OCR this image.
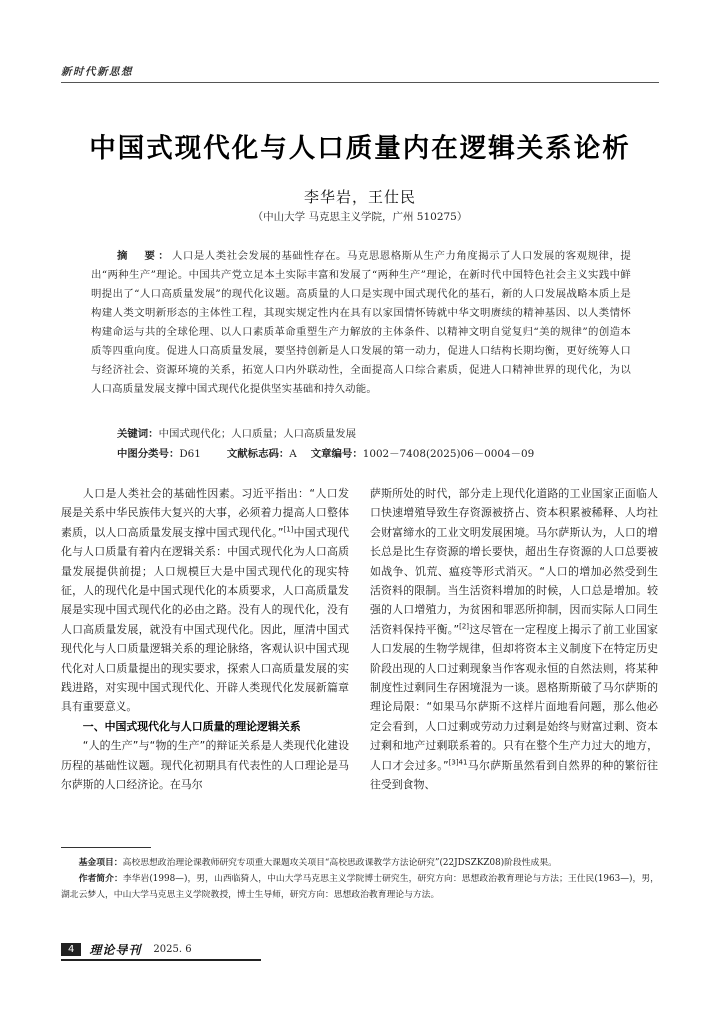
新时代新思想
中国式现代化与人口质量内在逻辑关系论析
李华岩，王仕民
（中山大学 马克思主义学院，广州 510275）
摘　要：人口是人类社会发展的基础性存在。马克思恩格斯从生产力角度揭示了人口发展的客观规律，提出“两种生产”理论。中国共产党立足本土实际丰富和发展了“两种生产”理论，在新时代中国特色社会主义实践中鲜明提出了“人口高质量发展”的现代化议题。高质量的人口是实现中国式现代化的基石，新的人口发展战略本质上是构建人类文明新形态的主体性工程，其现实规定性内在具有以家国情怀铸就中华文明赓续的精神基因、以人类情怀构建命运与共的全球伦理、以人口素质革命重塑生产力解放的主体条件、以精神文明自觉复归“美的规律”的创造本质等四重向度。促进人口高质量发展，要坚持创新是人口发展的第一动力，促进人口结构长期均衡，更好统筹人口与经济社会、资源环境的关系，拓宽人口内外联动性，全面提高人口综合素质，促进人口精神世界的现代化，为以人口高质量发展支撑中国式现代化提供坚实基础和持久动能。
关键词：中国式现代化；人口质量；人口高质量发展
中图分类号：D61	文献标志码：A 文章编号：1002－7408(2025)06－0004－09

人口是人类社会的基础性因素。习近平指出：“人口发展是关系中华民族伟大复兴的大事，必须着力提高人口整体素质，以人口高质量发展支撑中国式现代化。”[1]中国式现代化与人口质量有着内在逻辑关系：中国式现代化为人口高质量发展提供前提；人口规模巨大是中国式现代化的现实特征，人的现代化是中国式现代化的本质要求，人口高质量发展是实现中国式现代化的必由之路。没有人的现代化，没有人口高质量发展，就没有中国式现代化。因此，厘清中国式现代化与人口质量逻辑关系的理论脉络，客观认识中国式现代化对人口质量提出的现实要求，探索人口高质量发展的实践进路，对实现中国式现代化、开辟人类现代化发展新篇章具有重要意义。

一、中国式现代化与人口质量的理论逻辑关系

“人的生产”与“物的生产”的辩证关系是人类现代化建设历程的基础性议题。现代化初期具有代表性的人口理论是马尔萨斯的人口经济论。在马尔

萨斯所处的时代，部分走上现代化道路的工业国家正面临人口快速增殖导致生存资源被挤占、资本积累被稀释、人均社会财富缔水的工业文明发展困境。马尔萨斯认为，人口的增长总是比生存资源的增长要快，超出生存资源的人口总要被如战争、饥荒、瘟疫等形式消灭。“人口的增加必然受到生活资料的限制。当生活资料增加的时候，人口总是增加。较强的人口增殖力，为贫困和罪恶所抑制，因而实际人口同生活资料保持平衡。”[2]这尽管在一定程度上揭示了前工业国家人口发展的生物学规律，但却将资本主义制度下在特定历史阶段出现的人口过剩现象当作客观永恒的自然法则，将某种制度性过剩同生存困境混为一谈。恩格斯斯破了马尔萨斯的理论局限：“如果马尔萨斯不这样片面地看问题，那么他必定会看到，人口过剩或劳动力过剩是始终与财富过剩、资本过剩和地产过剩联系着的。只有在整个生产力过大的地方，人口才会过多。”$^{[3]41}$马尔萨斯虽然看到自然界的种的繁衍往往受到食物、

基金项目：高校思想政治理论课教师研究专项重大课题攻关项目“高校思政课教学方法论研究”(22JDSZKZ08)阶段性成果。

作者简介：李华岩(1998—)，男，山西临猗人，中山大学马克思主义学院博士研究生，研究方向：思想政治教育理论与方法；王仕民(1963—)，男，湖北云梦人，中山大学马克思主义学院教授，博士生导师，研究方向：思想政治教育理论与方法。

4	理论导刊 2025. 6
